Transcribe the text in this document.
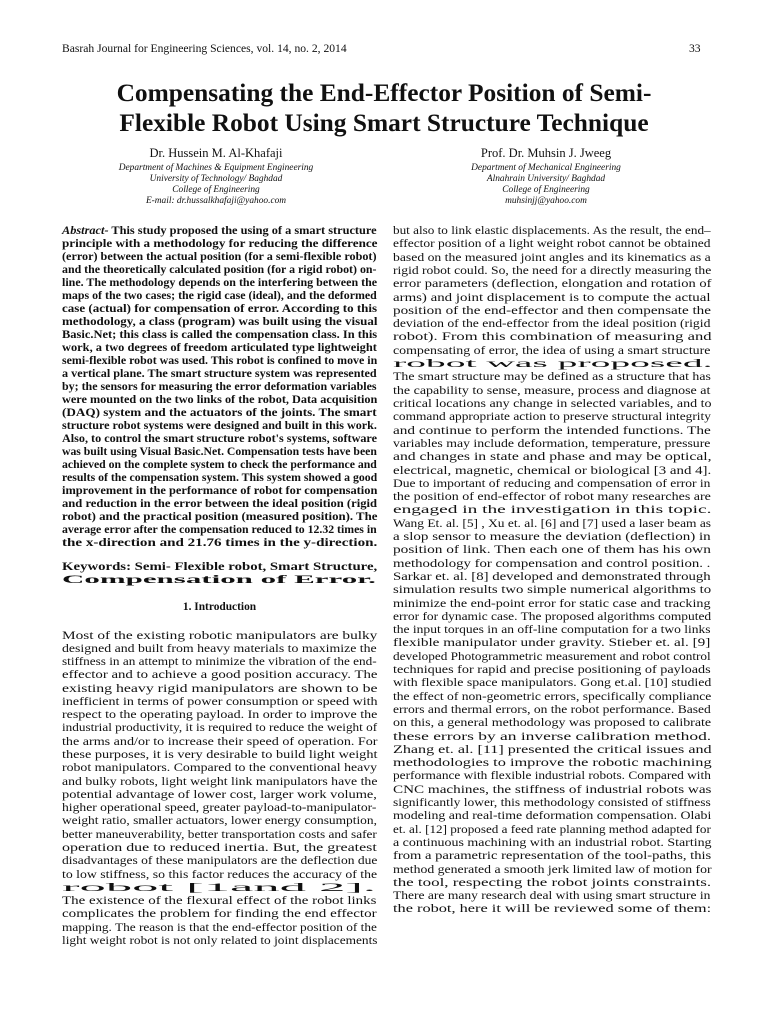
Basrah Journal for Engineering Sciences, vol. 14, no. 2, 2014	33
Compensating the End-Effector Position of Semi-
Flexible Robot Using Smart Structure Technique
Dr. Hussein M. Al-Khafaji
Department of Machines & Equipment Engineering
University of Technology/ Baghdad
College of Engineering
E-mail: dr.hussalkhafaji@yahoo.com
Prof. Dr. Muhsin J. Jweeg
Department of Mechanical Engineering
Alnahrain University/ Baghdad
College of Engineering
muhsinjj@yahoo.com
Abstract- This study proposed the using of a smart structure
principle with a methodology for reducing the difference
(error) between the actual position (for a semi-flexible robot)
and the theoretically calculated position (for a rigid robot) on-
line. The methodology depends on the interfering between the
maps of the two cases; the rigid case (ideal), and the deformed
case (actual) for compensation of error. According to this
methodology, a class (program) was built using the visual
Basic.Net; this class is called the compensation class. In this
work, a two degrees of freedom articulated type lightweight
semi-flexible robot was used. This robot is confined to move in
a vertical plane. The smart structure system was represented
by; the sensors for measuring the error deformation variables
were mounted on the two links of the robot, Data acquisition
(DAQ) system and the actuators of the joints. The smart
structure robot systems were designed and built in this work.
Also, to control the smart structure robot's systems, software
was built using Visual Basic.Net. Compensation tests have been
achieved on the complete system to check the performance and
results of the compensation system. This system showed a good
improvement in the performance of robot for compensation
and reduction in the error between the ideal position (rigid
robot) and the practical position (measured position). The
average error after the compensation reduced to 12.32 times in
the x-direction and 21.76 times in the y-direction.
Keywords: Semi- Flexible robot, Smart Structure,
Compensation of Error.
1. Introduction
Most of the existing robotic manipulators are bulky
designed and built from heavy materials to maximize the
stiffness in an attempt to minimize the vibration of the end-
effector and to achieve a good position accuracy. The
existing heavy rigid manipulators are shown to be
inefficient in terms of power consumption or speed with
respect to the operating payload. In order to improve the
industrial productivity, it is required to reduce the weight of
the arms and/or to increase their speed of operation. For
these purposes, it is very desirable to build light weight
robot manipulators. Compared to the conventional heavy
and bulky robots, light weight link manipulators have the
potential advantage of lower cost, larger work volume,
higher operational speed, greater payload-to-manipulator-
weight ratio, smaller actuators, lower energy consumption,
better maneuverability, better transportation costs and safer
operation due to reduced inertia. But, the greatest
disadvantages of these manipulators are the deflection due
to low stiffness, so this factor reduces the accuracy of the
robot [1and 2].
The existence of the flexural effect of the robot links
complicates the problem for finding the end effector
mapping. The reason is that the end-effector position of the
light weight robot is not only related to joint displacements
but also to link elastic displacements. As the result, the end–
effector position of a light weight robot cannot be obtained
based on the measured joint angles and its kinematics as a
rigid robot could. So, the need for a directly measuring the
error parameters (deflection, elongation and rotation of
arms) and joint displacement is to compute the actual
position of the end-effector and then compensate the
deviation of the end-effector from the ideal position (rigid
robot). From this combination of measuring and
compensating of error, the idea of using a smart structure
robot was proposed.
The smart structure may be defined as a structure that has
the capability to sense, measure, process and diagnose at
critical locations any change in selected variables, and to
command appropriate action to preserve structural integrity
and continue to perform the intended functions. The
variables may include deformation, temperature, pressure
and changes in state and phase and may be optical,
electrical, magnetic, chemical or biological [3 and 4].
Due to important of reducing and compensation of error in
the position of end-effector of robot many researches are
engaged in the investigation in this topic.
Wang Et. al. [5] , Xu et. al. [6] and [7] used a laser beam as
a slop sensor to measure the deviation (deflection) in
position of link. Then each one of them has his own
methodology for compensation and control position. .
Sarkar et. al. [8] developed and demonstrated through
simulation results two simple numerical algorithms to
minimize the end-point error for static case and tracking
error for dynamic case. The proposed algorithms computed
the input torques in an off-line computation for a two links
flexible manipulator under gravity. Stieber et. al. [9]
developed Photogrammetric measurement and robot control
techniques for rapid and precise positioning of payloads
with flexible space manipulators. Gong et.al. [10] studied
the effect of non-geometric errors, specifically compliance
errors and thermal errors, on the robot performance. Based
on this, a general methodology was proposed to calibrate
these errors by an inverse calibration method.
Zhang et. al. [11] presented the critical issues and
methodologies to improve the robotic machining
performance with flexible industrial robots. Compared with
CNC machines, the stiffness of industrial robots was
significantly lower, this methodology consisted of stiffness
modeling and real-time deformation compensation. Olabi
et. al. [12] proposed a feed rate planning method adapted for
a continuous machining with an industrial robot. Starting
from a parametric representation of the tool-paths, this
method generated a smooth jerk limited law of motion for
the tool, respecting the robot joints constraints.
There are many research deal with using smart structure in
the robot, here it will be reviewed some of them:
